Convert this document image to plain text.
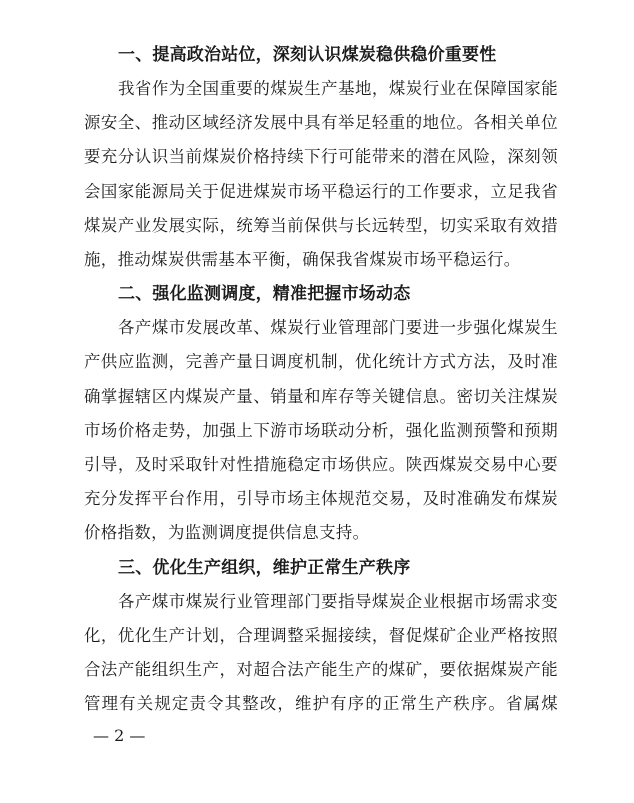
一、提高政治站位，深刻认识煤炭稳供稳价重要性

我省作为全国重要的煤炭生产基地，煤炭行业在保障国家能源安全、推动区域经济发展中具有举足轻重的地位。各相关单位要充分认识当前煤炭价格持续下行可能带来的潜在风险，深刻领会国家能源局关于促进煤炭市场平稳运行的工作要求，立足我省煤炭产业发展实际，统筹当前保供与长远转型，切实采取有效措施，推动煤炭供需基本平衡，确保我省煤炭市场平稳运行。

二、强化监测调度，精准把握市场动态

各产煤市发展改革、煤炭行业管理部门要进一步强化煤炭生产供应监测，完善产量日调度机制，优化统计方式方法，及时准确掌握辖区内煤炭产量、销量和库存等关键信息。密切关注煤炭市场价格走势，加强上下游市场联动分析，强化监测预警和预期引导，及时采取针对性措施稳定市场供应。陕西煤炭交易中心要充分发挥平台作用，引导市场主体规范交易，及时准确发布煤炭价格指数，为监测调度提供信息支持。

三、优化生产组织，维护正常生产秩序

各产煤市煤炭行业管理部门要指导煤炭企业根据市场需求变化，优化生产计划，合理调整采掘接续，督促煤矿企业严格按照合法产能组织生产，对超合法产能生产的煤矿，要依据煤炭产能管理有关规定责令其整改，维护有序的正常生产秩序。省属煤

— 2 —
